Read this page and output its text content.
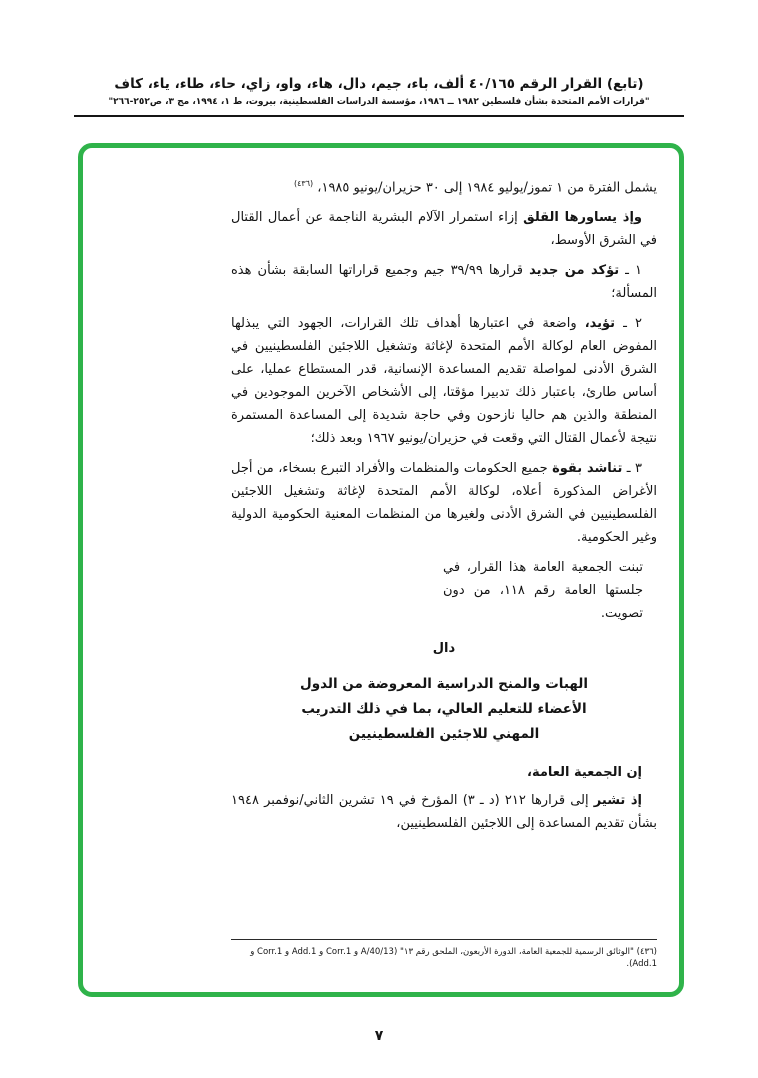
(تابع) القرار الرقم ٤٠/١٦٥ ألف، باء، جيم، دال، هاء، واو، زاي، حاء، طاء، ياء، كاف
"قرارات الأمم المتحدة بشأن فلسطين ١٩٨٢ ــ ١٩٨٦، مؤسسة الدراسات الفلسطينية، بيروت، ط ١، ١٩٩٤، مج ٣، ص٢٥٢-٢٦٦"

يشمل الفترة من ١ تموز/يوليو ١٩٨٤ إلى ٣٠ حزيران/يونيو ١٩٨٥، $^{(٤٣٦)}$

وإذ يساورها القلق إزاء استمرار الآلام البشرية الناجمة عن أعمال القتال في الشرق الأوسط،

١ ـ تؤكد من جديد قرارها ٣٩/٩٩ جيم وجميع قراراتها السابقة بشأن هذه المسألة؛

٢ ـ تؤيد، واضعة في اعتبارها أهداف تلك القرارات، الجهود التي يبذلها المفوض العام لوكالة الأمم المتحدة لإغاثة وتشغيل اللاجئين الفلسطينيين في الشرق الأدنى لمواصلة تقديم المساعدة الإنسانية، قدر المستطاع عمليا، على أساس طارئ، باعتبار ذلك تدبيرا مؤقتا، إلى الأشخاص الآخرين الموجودين في المنطقة والذين هم حاليا نازحون وفي حاجة شديدة إلى المساعدة المستمرة نتيجة لأعمال القتال التي وقعت في حزيران/يونيو ١٩٦٧ وبعد ذلك؛

٣ ـ تناشد بقوة جميع الحكومات والمنظمات والأفراد التبرع بسخاء، من أجل الأغراض المذكورة أعلاه، لوكالة الأمم المتحدة لإغاثة وتشغيل اللاجئين الفلسطينيين في الشرق الأدنى ولغيرها من المنظمات المعنية الحكومية الدولية وغير الحكومية.

تبنت الجمعية العامة هذا القرار، في جلستها العامة رقم ١١٨، من دون تصويت.
دال
الهبات والمنح الدراسية المعروضة من الدول الأعضاء للتعليم العالي، بما في ذلك التدريب المهني للاجئين الفلسطينيين

إن الجمعية العامة،

إذ تشير إلى قرارها ٢١٢ (د ـ ٣) المؤرخ في ١٩ تشرين الثاني/نوفمبر ١٩٤٨ بشأن تقديم المساعدة إلى اللاجئين الفلسطينيين،

(٤٣٦) "الوثائق الرسمية للجمعية العامة، الدورة الأربعون، الملحق رقم ١٣" (A/40/13 و Corr.1 و Add.1 و Corr.1 و Add.1).
٧
